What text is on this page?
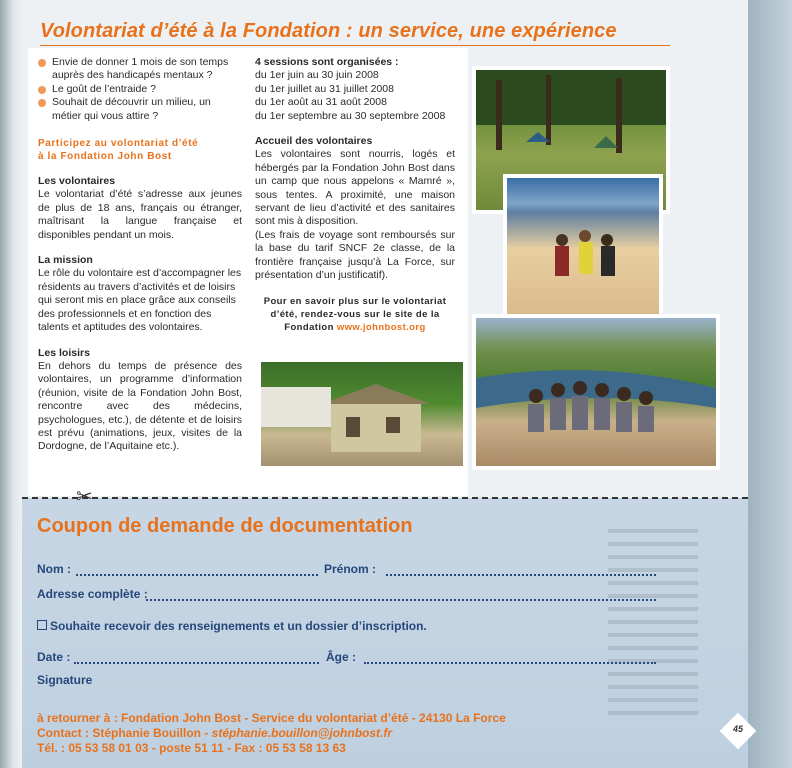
Volontariat d’été à la Fondation : un service, une expérience
Envie de donner 1 mois de son temps auprès des handicapés mentaux ?
Le goût de l’entraide ?
Souhait de découvrir un milieu, un métier qui vous attire ?
Participez au volontariat d’été
à la Fondation John Bost
Les volontaires
Le volontariat d’été s’adresse aux jeunes de plus de 18 ans, français ou étranger, maîtrisant la langue française et disponibles pendant un mois.
La mission
Le rôle du volontaire est d’accompagner les résidents au travers d’activités et de loisirs qui seront mis en place grâce aux conseils des professionnels et en fonction des talents et aptitudes des volontaires.
Les loisirs
En dehors du temps de présence des volontaires, un programme d’information (réunion, visite de la Fondation John Bost, rencontre avec des médecins, psychologues, etc.), de détente et de loisirs est prévu (animations, jeux, visites de la Dordogne, de l’Aquitaine etc.).
4 sessions sont organisées :
du 1er juin au 30 juin 2008
du 1er juillet au 31 juillet 2008
du 1er août au 31 août 2008
du 1er septembre au 30 septembre 2008
Accueil des volontaires
Les volontaires sont nourris, logés et hébergés par la Fondation John Bost dans un camp que nous appelons « Mamré », sous tentes. A proximité, une maison servant de lieu d’activité et des sanitaires sont mis à disposition.
(Les frais de voyage sont remboursés sur la base du tarif SNCF 2e classe, de la frontière française jusqu’à La Force, sur présentation d’un justificatif).
Pour en savoir plus sur le volontariat
d’été, rendez-vous sur le site de la
Fondation www.johnbost.org
✂
Coupon de demande de documentation
Nom :	Prénom :
Adresse complète :
Souhaite recevoir des renseignements et un dossier d’inscription.
Date :	Âge :
Signature
à retourner à : Fondation John Bost - Service du volontariat d’été - 24130 La Force
Contact : Stéphanie Bouillon - stéphanie.bouillon@johnbost.fr
Tél. : 05 53 58 01 03 - poste 51 11 - Fax : 05 53 58 13 63
45
